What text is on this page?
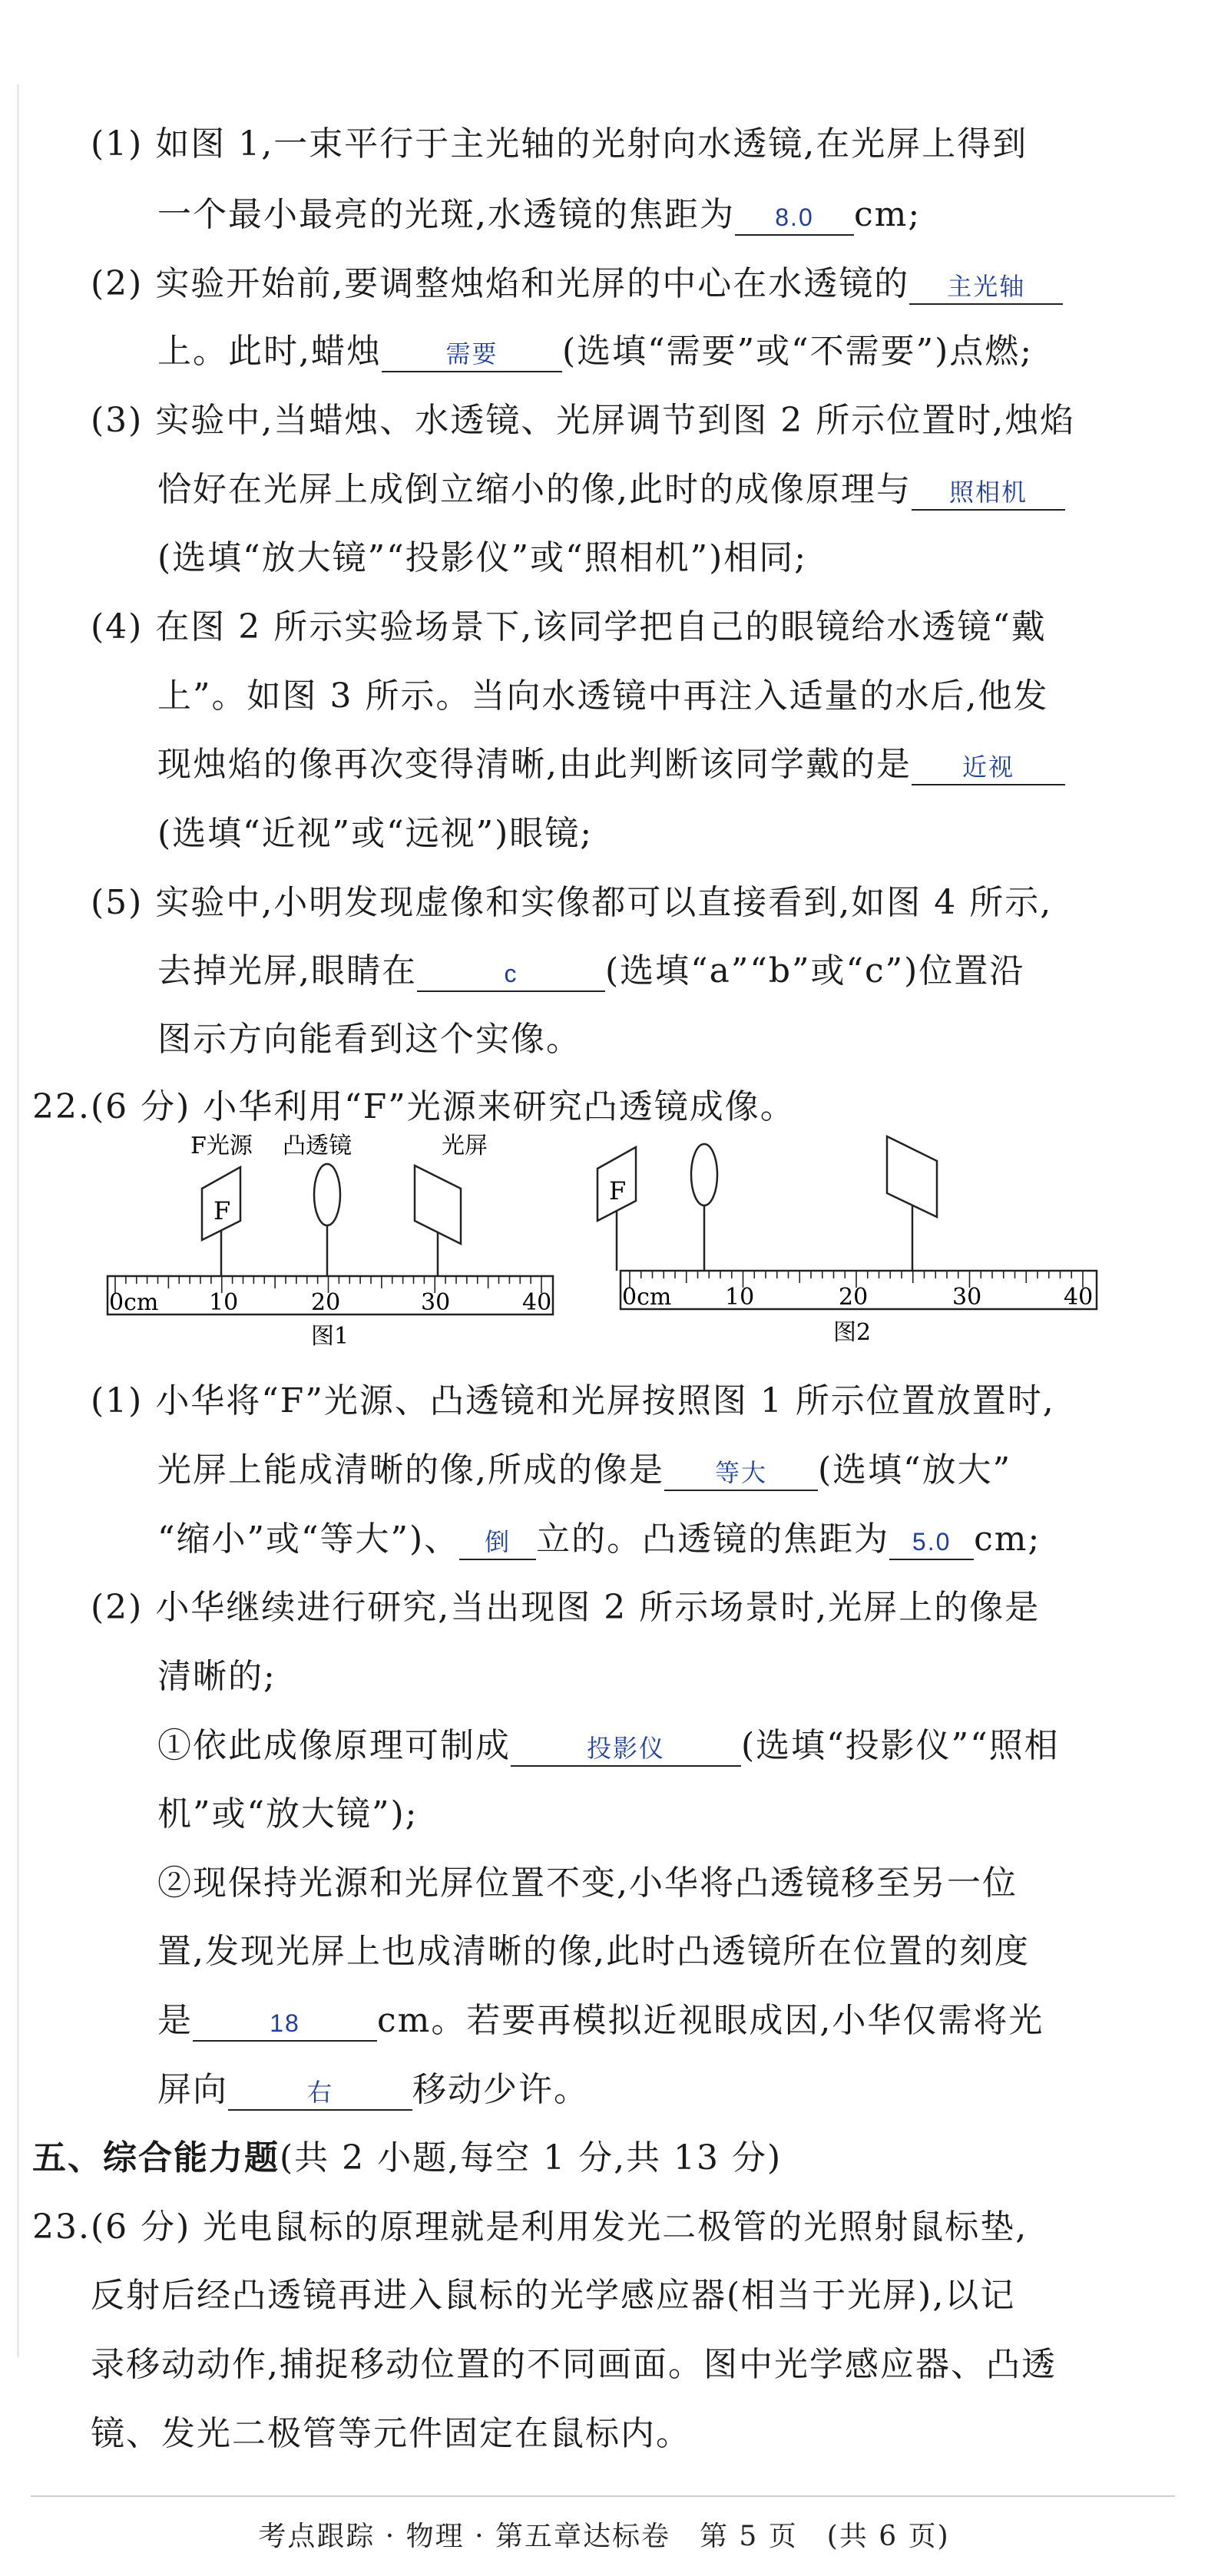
(1) 如图 1,一束平行于主光轴的光射向水透镜,在光屏上得到
一个最小最亮的光斑,水透镜的焦距为 8.0 cm;
(2) 实验开始前,要调整烛焰和光屏的中心在水透镜的 主光轴
上。此时,蜡烛	需要 (选填“需要”或“不需要”)点燃;
(3) 实验中,当蜡烛、水透镜、光屏调节到图 2 所示位置时,烛焰
恰好在光屏上成倒立缩小的像,此时的成像原理与 照相机
(选填“放大镜”“投影仪”或“照相机”)相同;
(4) 在图 2 所示实验场景下,该同学把自己的眼镜给水透镜“戴
上”。如图 3 所示。当向水透镜中再注入适量的水后,他发
现烛焰的像再次变得清晰,由此判断该同学戴的是 近视
(选填“近视”或“远视”)眼镜;
(5) 实验中,小明发现虚像和实像都可以直接看到,如图 4 所示,
去掉光屏,眼睛在	c	(选填“a”“b”或“c”)位置沿
图示方向能看到这个实像。
22.(6 分) 小华利用“F”光源来研究凸透镜成像。
F光源 凸透镜	光屏
F
0cm 10	20	30	40
图1
F
0cm 10	20	30	40
图2
(1) 小华将“F”光源、凸透镜和光屏按照图 1 所示位置放置时,
光屏上能成清晰的像,所成的像是 等大 (选填“放大”
“缩小”或“等大”)、 倒 立的。凸透镜的焦距为 5.0 cm;
(2) 小华继续进行研究,当出现图 2 所示场景时,光屏上的像是
清晰的;
①依此成像原理可制成	投影仪 (选填“投影仪”“照相
机”或“放大镜”);
②现保持光源和光屏位置不变,小华将凸透镜移至另一位
置,发现光屏上也成清晰的像,此时凸透镜所在位置的刻度
是	18 cm。若要再模拟近视眼成因,小华仅需将光
屏向	右 移动少许。
五、综合能力题(共 2 小题,每空 1 分,共 13 分)
23.(6 分) 光电鼠标的原理就是利用发光二极管的光照射鼠标垫,
反射后经凸透镜再进入鼠标的光学感应器(相当于光屏),以记
录移动动作,捕捉移动位置的不同画面。图中光学感应器、凸透
镜、发光二极管等元件固定在鼠标内。
考点跟踪 · 物理 · 第五章达标卷　第 5 页　(共 6 页)
